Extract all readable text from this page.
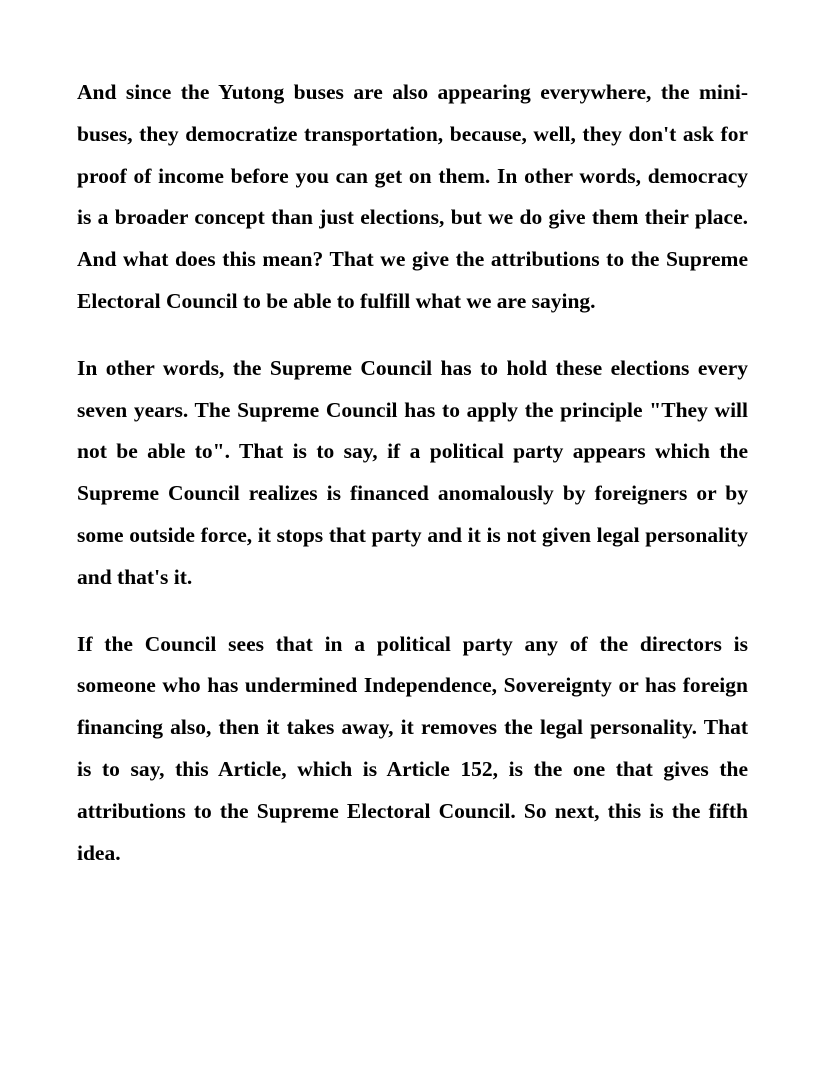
And since the Yutong buses are also appearing everywhere, the mini-buses, they democratize transportation, because, well, they don't ask for proof of income before you can get on them. In other words, democracy is a broader concept than just elections, but we do give them their place. And what does this mean? That we give the attributions to the Supreme Electoral Council to be able to fulfill what we are saying.

In other words, the Supreme Council has to hold these elections every seven years. The Supreme Council has to apply the principle "They will not be able to". That is to say, if a political party appears which the Supreme Council realizes is financed anomalously by foreigners or by some outside force, it stops that party and it is not given legal personality and that's it.

If the Council sees that in a political party any of the directors is someone who has undermined Independence, Sovereignty or has foreign financing also, then it takes away, it removes the legal personality. That is to say, this Article, which is Article 152, is the one that gives the attributions to the Supreme Electoral Council. So next, this is the fifth idea.
